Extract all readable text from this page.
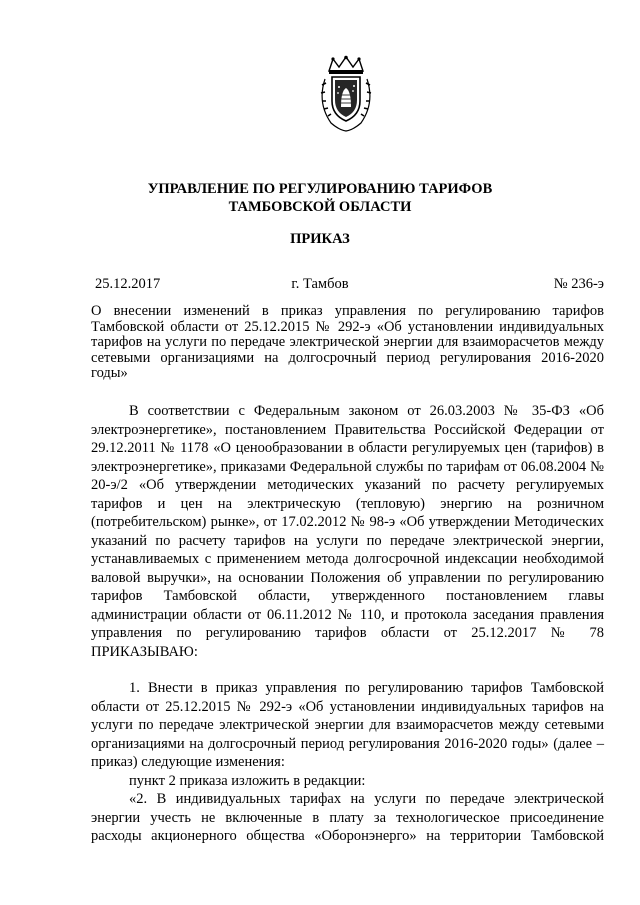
УПРАВЛЕНИЕ ПО РЕГУЛИРОВАНИЮ ТАРИФОВ
ТАМБОВСКОЙ ОБЛАСТИ
ПРИКАЗ
25.12.2017	г. Тамбов	№ 236-э
О внесении изменений в приказ управления по регулированию тарифов Тамбовской области от 25.12.2015 № 292-э «Об установлении индивидуальных тарифов на услуги по передаче электрической энергии для взаиморасчетов между сетевыми организациями на долгосрочный период регулирования 2016-2020 годы»

В соответствии с Федеральным законом от 26.03.2003 № 35-ФЗ «Об электроэнергетике», постановлением Правительства Российской Федерации от 29.12.2011 № 1178 «О ценообразовании в области регулируемых цен (тарифов) в электроэнергетике», приказами Федеральной службы по тарифам от 06.08.2004 № 20-э/2 «Об утверждении методических указаний по расчету регулируемых тарифов и цен на электрическую (тепловую) энергию на розничном (потребительском) рынке», от 17.02.2012 № 98-э «Об утверждении Методических указаний по расчету тарифов на услуги по передаче электрической энергии, устанавливаемых с применением метода долгосрочной индексации необходимой валовой выручки», на основании Положения об управлении по регулированию тарифов Тамбовской области, утвержденного постановлением главы администрации области от 06.11.2012 № 110, и протокола заседания правления управления по регулированию тарифов области от 25.12.2017 № 78 ПРИКАЗЫВАЮ:

1. Внести в приказ управления по регулированию тарифов Тамбовской области от 25.12.2015 № 292-э «Об установлении индивидуальных тарифов на услуги по передаче электрической энергии для взаиморасчетов между сетевыми организациями на долгосрочный период регулирования 2016-2020 годы» (далее – приказ) следующие изменения:

пункт 2 приказа изложить в редакции:

«2. В индивидуальных тарифах на услуги по передаче электрической энергии учесть не включенные в плату за технологическое присоединение расходы акционерного общества «Оборонэнерго» на территории Тамбовской
